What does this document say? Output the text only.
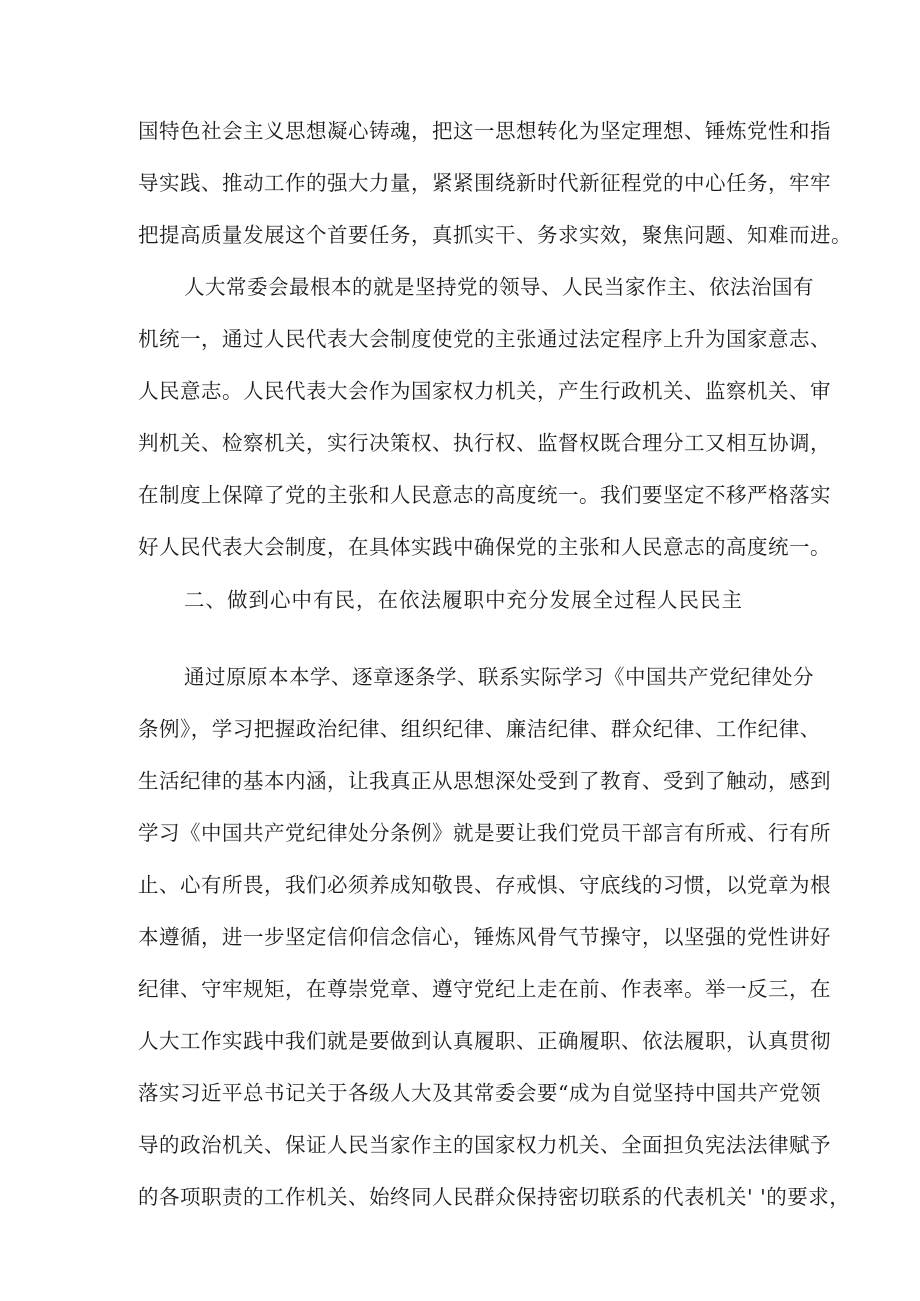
国特色社会主义思想凝心铸魂，把这一思想转化为坚定理想、锤炼党性和指
导实践、推动工作的强大力量，紧紧围绕新时代新征程党的中心任务，牢牢
把提高质量发展这个首要任务，真抓实干、务求实效，聚焦问题、知难而进。
人大常委会最根本的就是坚持党的领导、人民当家作主、依法治国有
机统一，通过人民代表大会制度使党的主张通过法定程序上升为国家意志、
人民意志。人民代表大会作为国家权力机关，产生行政机关、监察机关、审
判机关、检察机关，实行决策权、执行权、监督权既合理分工又相互协调，
在制度上保障了党的主张和人民意志的高度统一。我们要坚定不移严格落实
好人民代表大会制度，在具体实践中确保党的主张和人民意志的高度统一。
二、做到心中有民，在依法履职中充分发展全过程人民民主
通过原原本本学、逐章逐条学、联系实际学习《中国共产党纪律处分
条例》，学习把握政治纪律、组织纪律、廉洁纪律、群众纪律、工作纪律、
生活纪律的基本内涵，让我真正从思想深处受到了教育、受到了触动，感到
学习《中国共产党纪律处分条例》就是要让我们党员干部言有所戒、行有所
止、心有所畏，我们必须养成知敬畏、存戒惧、守底线的习惯，以党章为根
本遵循，进一步坚定信仰信念信心，锤炼风骨气节操守，以坚强的党性讲好
纪律、守牢规矩，在尊崇党章、遵守党纪上走在前、作表率。举一反三，在
人大工作实践中我们就是要做到认真履职、正确履职、依法履职，认真贯彻
落实习近平总书记关于各级人大及其常委会要“成为自觉坚持中国共产党领
导的政治机关、保证人民当家作主的国家权力机关、全面担负宪法法律赋予
的各项职责的工作机关、始终同人民群众保持密切联系的代表机关' '的要求，
